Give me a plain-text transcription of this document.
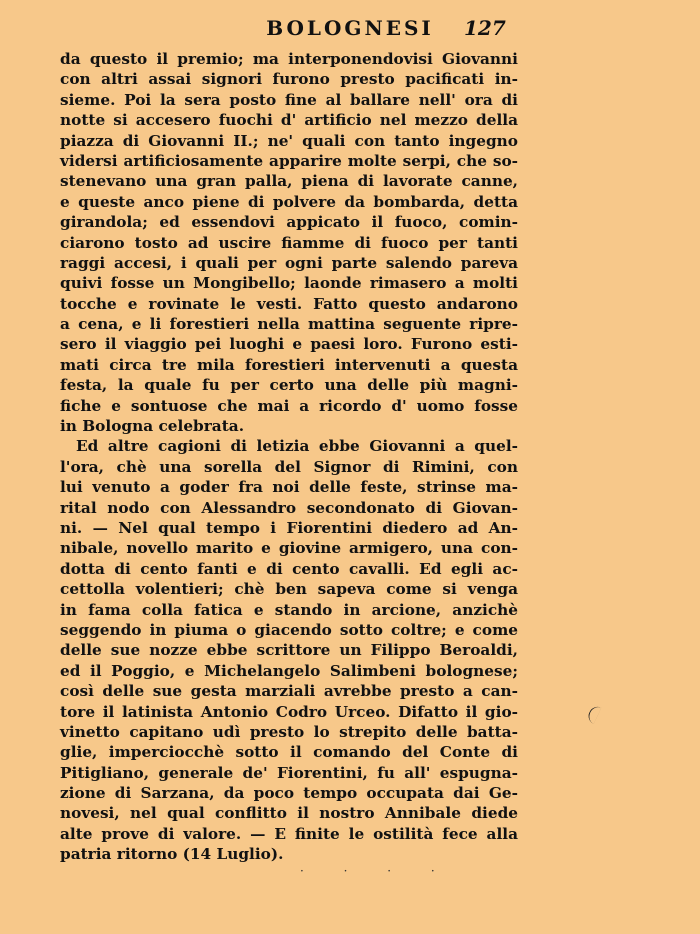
BOLOGNESI	127
da questo il premio; ma interponendovisi Giovanni
con altri assai signori furono presto pacificati in-
sieme. Poi la sera posto fine al ballare nell' ora di
notte si accesero fuochi d' artificio nel mezzo della
piazza di Giovanni II.; ne' quali con tanto ingegno
vidersi artificiosamente apparire molte serpi, che so-
stenevano una gran palla, piena di lavorate canne,
e queste anco piene di polvere da bombarda, detta
girandola; ed essendovi appicato il fuoco, comin-
ciarono tosto ad uscire fiamme di fuoco per tanti
raggi accesi, i quali per ogni parte salendo pareva
quivi fosse un Mongibello; laonde rimasero a molti
tocche e rovinate le vesti. Fatto questo andarono
a cena, e li forestieri nella mattina seguente ripre-
sero il viaggio pei luoghi e paesi loro. Furono esti-
mati circa tre mila forestieri intervenuti a questa
festa, la quale fu per certo una delle più magni-
fiche e sontuose che mai a ricordo d' uomo fosse
in Bologna celebrata.
Ed altre cagioni di letizia ebbe Giovanni a quel-
l'ora, chè una sorella del Signor di Rimini, con
lui venuto a goder fra noi delle feste, strinse ma-
rital nodo con Alessandro secondonato di Giovan-
ni. — Nel qual tempo i Fiorentini diedero ad An-
nibale, novello marito e giovine armigero, una con-
dotta di cento fanti e di cento cavalli. Ed egli ac-
cettolla volentieri; chè ben sapeva come si venga
in fama colla fatica e stando in arcione, anzichè
seggendo in piuma o giacendo sotto coltre; e come
delle sue nozze ebbe scrittore un Filippo Beroaldi,
ed il Poggio, e Michelangelo Salimbeni bolognese;
così delle sue gesta marziali avrebbe presto a can-
tore il latinista Antonio Codro Urceo. Difatto il gio-
vinetto capitano udì presto lo strepito delle batta-
glie, imperciocchè sotto il comando del Conte di
Pitigliano, generale de' Fiorentini, fu all' espugna-
zione di Sarzana, da poco tempo occupata dai Ge-
novesi, nel qual conflitto il nostro Annibale diede
alte prove di valore. — E finite le ostilità fece alla
patria ritorno (14 Luglio).
· · · ·
